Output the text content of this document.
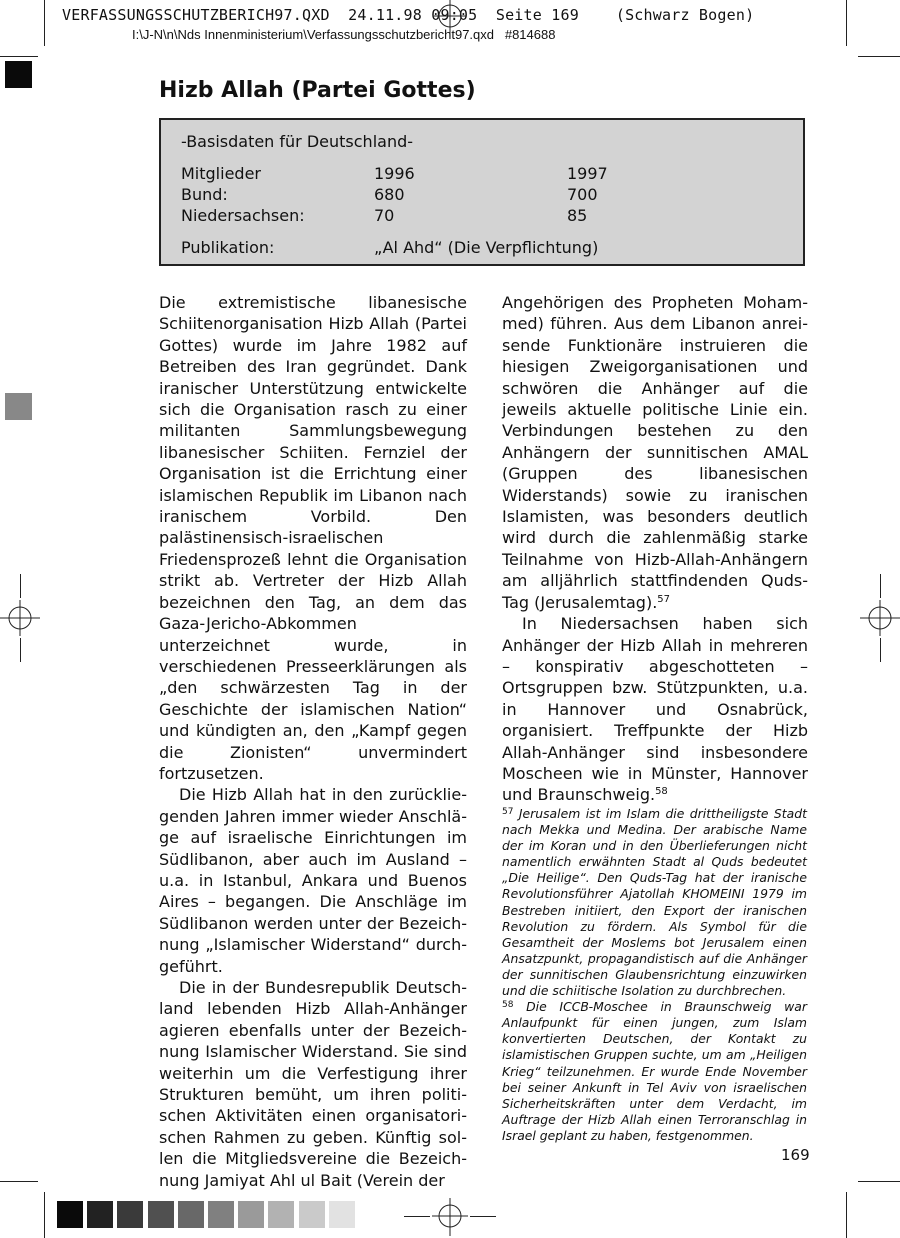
VERFASSUNGSSCHUTZBERICH97.QXD  24.11.98 09:05  Seite 169    (Schwarz Bogen)
I:\J-N\n\Nds Innenministerium\Verfassungsschutzbericht97.qxd   #814688
Hizb Allah (Partei Gottes)
-Basisdaten für Deutschland-
Mitglieder	1996	1997
Bund:	680	700
Niedersachsen:	70	85
Publikation:	„Al Ahd“ (Die Verpflichtung)

Die extremistische libanesische Schiitenorganisation Hizb Allah (Partei Gottes) wurde im Jahre 1982 auf Betreiben des Iran gegründet. Dank iranischer Unterstützung entwickelte sich die Organisation rasch zu einer militanten Sammlungsbewegung libanesischer Schiiten. Fernziel der Organisation ist die Errichtung einer islamischen Republik im Libanon nach iranischem Vorbild. Den palästinensisch-israelischen Friedensprozeß lehnt die Organisation strikt ab. Vertreter der Hizb Allah bezeichnen den Tag, an dem das Gaza-Jericho-Abkommen unterzeichnet wurde, in verschiedenen Presseerklärungen als „den schwärzesten Tag in der Geschichte der islamischen Nation“ und kündigten an, den „Kampf gegen die Zionisten“ unvermindert fortzusetzen.

Die Hizb Allah hat in den zurückliegenden Jahren immer wieder Anschläge auf israelische Einrichtungen im Südlibanon, aber auch im Ausland – u.a. in Istanbul, Ankara und Buenos Aires – begangen. Die Anschläge im Südlibanon werden unter der Bezeichnung „Islamischer Widerstand“ durchgeführt.

Die in der Bundesrepublik Deutschland lebenden Hizb Allah-Anhänger agieren ebenfalls unter der Bezeichnung Islamischer Widerstand. Sie sind weiterhin um die Verfestigung ihrer Strukturen bemüht, um ihren politischen Aktivitäten einen organisatorischen Rahmen zu geben. Künftig sollen die Mitgliedsvereine die Bezeichnung Jamiyat Ahl ul Bait (Verein der

Angehörigen des Propheten Mohammed) führen. Aus dem Libanon anreisende Funktionäre instruieren die hiesigen Zweigorganisationen und schwören die Anhänger auf die jeweils aktuelle politische Linie ein. Verbindungen bestehen zu den Anhängern der sunnitischen AMAL (Gruppen des libanesischen Widerstands) sowie zu iranischen Islamisten, was besonders deutlich wird durch die zahlenmäßig starke Teilnahme von Hizb-Allah-Anhängern am alljährlich stattfindenden Quds-Tag (Jerusalemtag).$^{57}$

In Niedersachsen haben sich Anhänger der Hizb Allah in mehreren – konspirativ abgeschotteten – Ortsgruppen bzw. Stützpunkten, u.a. in Hannover und Osnabrück, organisiert. Treffpunkte der Hizb Allah-Anhänger sind insbesondere Moscheen wie in Münster, Hannover und Braunschweig.$^{58}$

$^{57}$ Jerusalem ist im Islam die drittheiligste Stadt nach Mekka und Medina. Der arabische Name der im Koran und in den Überlieferungen nicht namentlich erwähnten Stadt al Quds bedeutet „Die Heilige“. Den Quds-Tag hat der iranische Revolutionsführer Ajatollah KHOMEINI 1979 im Bestreben initiiert, den Export der iranischen Revolution zu fördern. Als Symbol für die Gesamtheit der Moslems bot Jerusalem einen Ansatzpunkt, propagandistisch auf die Anhänger der sunnitischen Glaubensrichtung einzuwirken und die schiitische Isolation zu durchbrechen.

$^{58}$ Die ICCB-Moschee in Braunschweig war Anlaufpunkt für einen jungen, zum Islam konvertierten Deutschen, der Kontakt zu islamistischen Gruppen suchte, um am „Heiligen Krieg“ teilzunehmen. Er wurde Ende November bei seiner Ankunft in Tel Aviv von israelischen Sicherheitskräften unter dem Verdacht, im Auftrage der Hizb Allah einen Terroranschlag in Israel geplant zu haben, festgenommen.

169
